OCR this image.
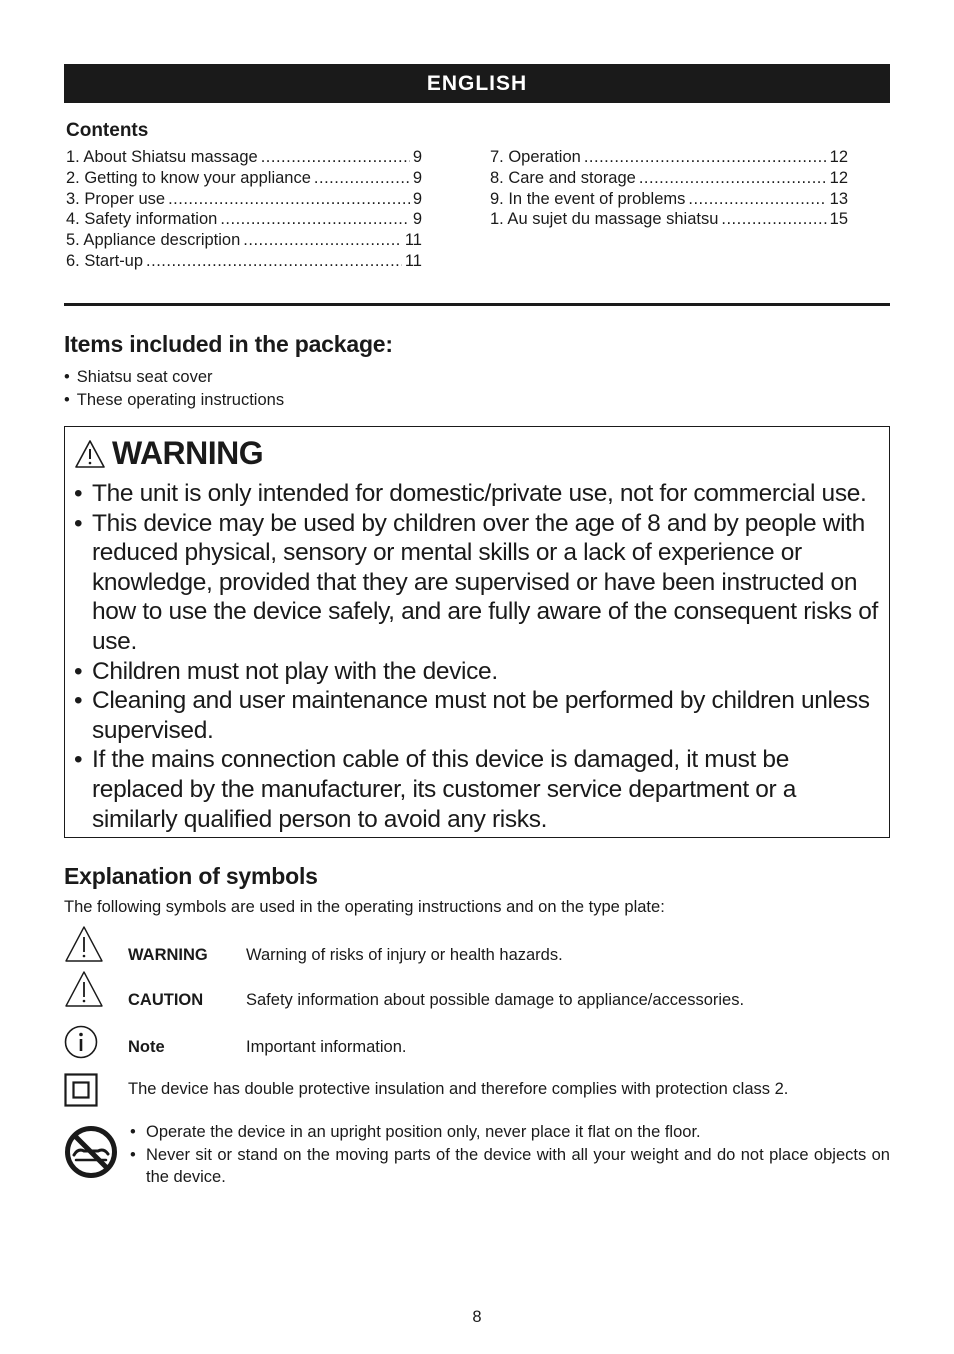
ENGLISH
Contents
1. About Shiatsu massage .....	9
2. Getting to know your appliance .....	9
3. Proper use .....	9
4. Safety information .....	9
5. Appliance description .....	11
6. Start-up .....	11
7. Operation .....	12
8. Care and storage .....	12
9. In the event of problems .....	13
1. Au sujet du massage shiatsu .....	15
Items included in the package:
• Shiatsu seat cover
• These operating instructions
WARNING
• The unit is only intended for domestic/private use, not for commercial use.
• This device may be used by children over the age of 8 and by people with reduced physical, sensory or mental skills or a lack of experience or knowledge, provided that they are supervised or have been instructed on how to use the device safely, and are fully aware of the consequent risks of use.
• Children must not play with the device.
• Cleaning and user maintenance must not be performed by children unless supervised.
• If the mains connection cable of this device is damaged, it must be replaced by the manufacturer, its customer service department or a similarly qualified person to avoid any risks.
Explanation of symbols
The following symbols are used in the operating instructions and on the type plate:
WARNING Warning of risks of injury or health hazards.
CAUTION	Safety information about possible damage to appliance/accessories.
Note	Important information.
The device has double protective insulation and therefore complies with protection class 2.
• Operate the device in an upright position only, never place it flat on the floor.
• Never sit or stand on the moving parts of the device with all your weight and do not place objects on the device.
8
